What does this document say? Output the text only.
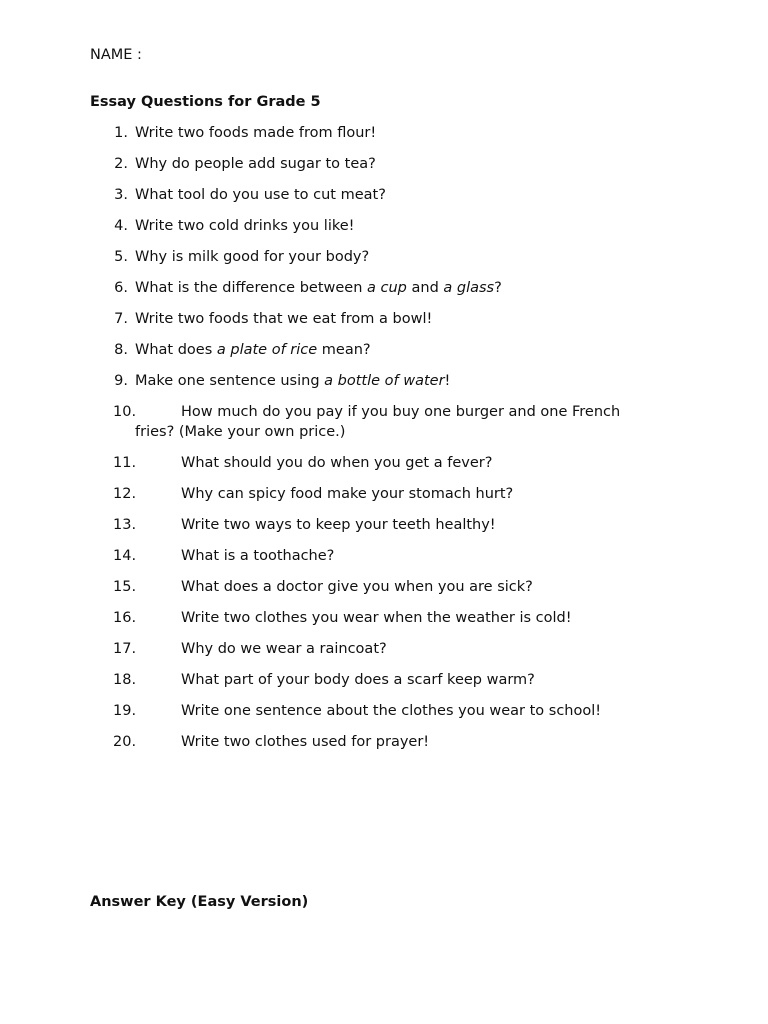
NAME :
Essay Questions for Grade 5
1. Write two foods made from flour!
2. Why do people add sugar to tea?
3. What tool do you use to cut meat?
4. Write two cold drinks you like!
5. Why is milk good for your body?
6. What is the difference between a cup and a glass?
7. Write two foods that we eat from a bowl!
8. What does a plate of rice mean?
9. Make one sentence using a bottle of water!
10.	How much do you pay if you buy one burger and one French fries? (Make your own price.)
11.	What should you do when you get a fever?
12.	Why can spicy food make your stomach hurt?
13.	Write two ways to keep your teeth healthy!
14.	What is a toothache?
15.	What does a doctor give you when you are sick?
16.	Write two clothes you wear when the weather is cold!
17.	Why do we wear a raincoat?
18.	What part of your body does a scarf keep warm?
19.	Write one sentence about the clothes you wear to school!
20.	Write two clothes used for prayer!
Answer Key (Easy Version)
